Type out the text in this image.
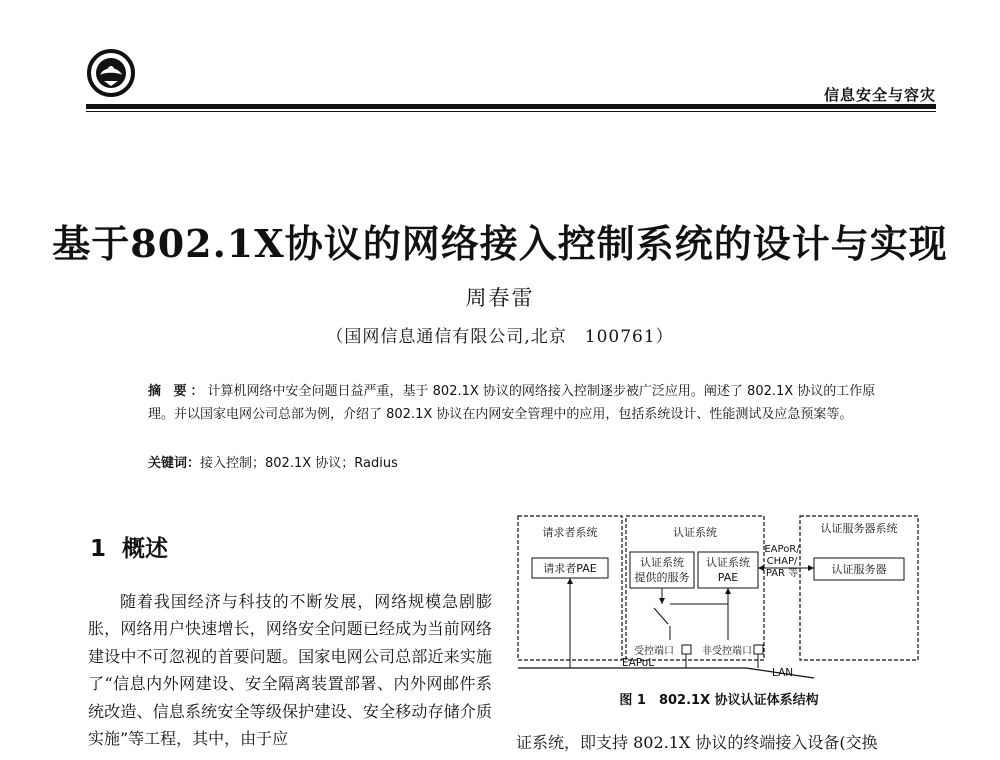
信息安全与容灾
基于802.1X协议的网络接入控制系统的设计与实现
周春雷
（国网信息通信有限公司,北京　100761）
摘 要：计算机网络中安全问题日益严重，基于 802.1X 协议的网络接入控制逐步被广泛应用。阐述了 802.1X 协议的工作原理。并以国家电网公司总部为例，介绍了 802.1X 协议在内网安全管理中的应用，包括系统设计、性能测试及应急预案等。
关键词：接入控制；802.1X 协议；Radius
1 概述

随着我国经济与科技的不断发展，网络规模急剧膨胀，网络用户快速增长，网络安全问题已经成为当前网络建设中不可忽视的首要问题。国家电网公司总部近来实施了“信息内外网建设、安全隔离装置部署、内外网邮件系统改造、信息系统安全等级保护建设、安全移动存储介质实施”等工程，其中，由于应

请求者系统	认证系统	认证服务器系统
请求者PAE	认证系统
提供的服务
认证系统
PAE
EAPoR/
CHAP/
PAR 等	认证服务器
受控端口	非受控端口
EAPoL
LAN
图 1　802.1X 协议认证体系结构
证系统，即支持 802.1X 协议的终端接入设备(交换
